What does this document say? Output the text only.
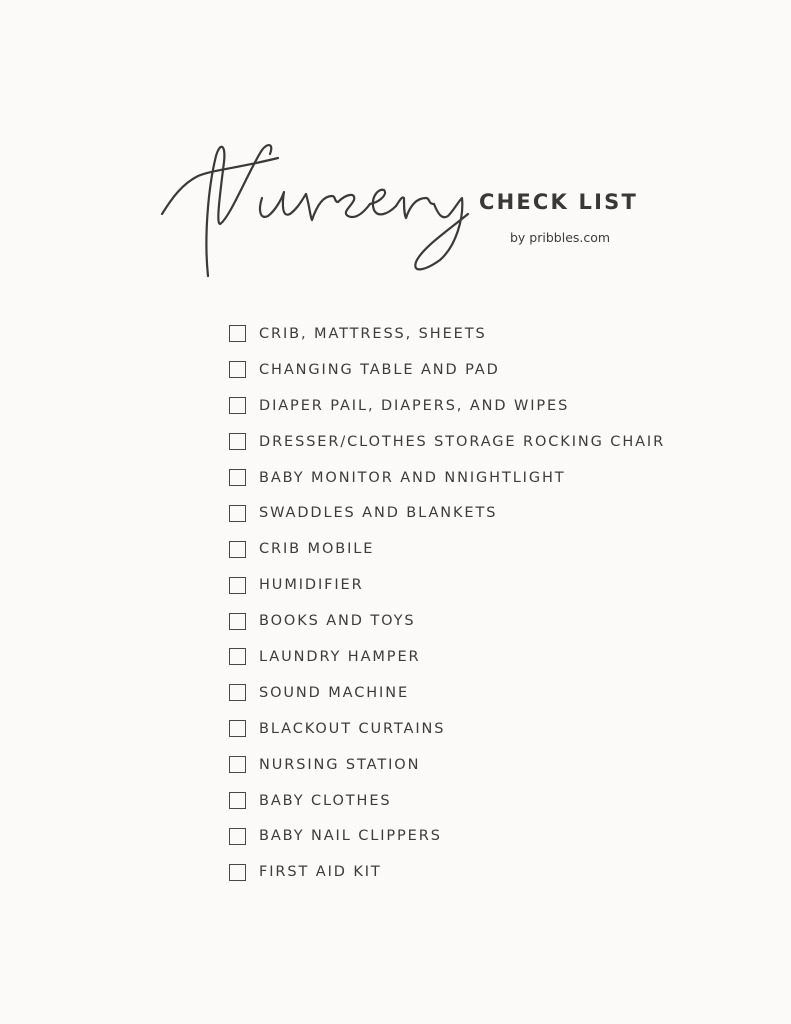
CHECK LIST
by pribbles.com
CRIB, MATTRESS, SHEETS
CHANGING TABLE AND PAD
DIAPER PAIL, DIAPERS, AND WIPES
DRESSER/CLOTHES STORAGE ROCKING CHAIR
BABY MONITOR AND NNIGHTLIGHT
SWADDLES AND BLANKETS
CRIB MOBILE
HUMIDIFIER
BOOKS AND TOYS
LAUNDRY HAMPER
SOUND MACHINE
BLACKOUT CURTAINS
NURSING STATION
BABY CLOTHES
BABY NAIL CLIPPERS
FIRST AID KIT
